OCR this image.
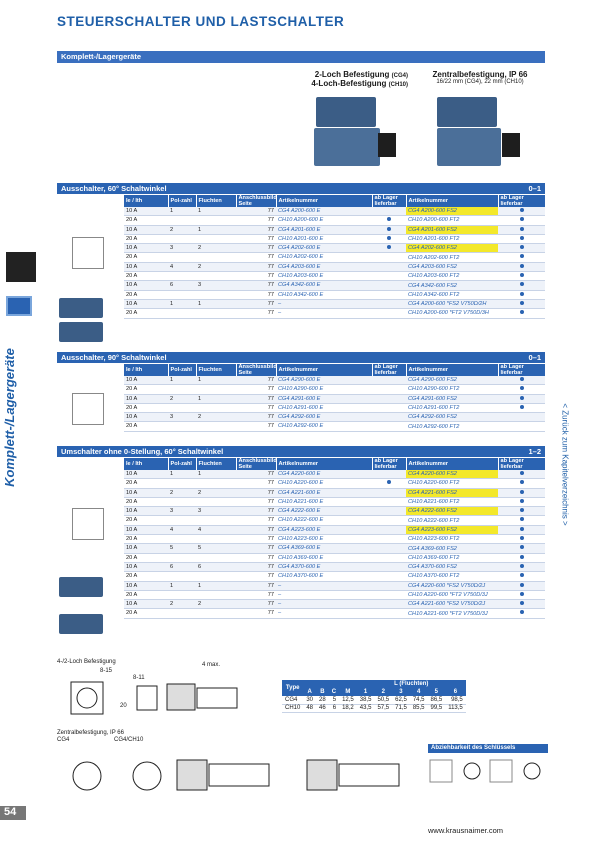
STEUERSCHALTER UND LASTSCHALTER
Komplett-/Lagergeräte
2-Loch Befestigung (CG4)
4-Loch-Befestigung (CH10)
Zentralbefestigung, IP 66
16/22 mm (CG4), 22 mm (CH10)
Komplett-/Lagergeräte	< Zurück zum Kapitelverzeichnis >
Ausschalter, 60° Schaltwinkel	0–1
Ie / Ith	Pol-zahl	Fluchten	Anschlussbild Seite	Artikelnummer	ab Lager lieferbar	Artikelnummer	ab Lager lieferbar
10 A	1	1	77	CG4 A200-600 E		CG4 A200-600 FS2	
20 A			77	CH10 A200-600 E		CH10 A200-600 FT2	
10 A	2	1	77	CG4 A201-600 E		CG4 A201-600 FS2	
20 A			77	CH10 A201-600 E		CH10 A201-600 FT2	
10 A	3	2	77	CG4 A202-600 E		CG4 A202-600 FS2	
20 A			77	CH10 A202-600 E		CH10 A202-600 FT2	
10 A	4	2	77	CG4 A203-600 E		CG4 A203-600 FS2	
20 A			77	CH10 A203-600 E		CH10 A203-600 FT2	
10 A	6	3	77	CG4 A342-600 E		CG4 A342-600 FS2	
20 A			77	CH10 A342-600 E		CH10 A342-600 FT2	
10 A	1	1	77	–		CG4 A200-600 *FS2 V750D/2H	
20 A			77	–		CH10 A200-600 *FT2 V750D/3H	
Ausschalter, 90° Schaltwinkel	0–1
Ie / Ith	Pol-zahl	Fluchten	Anschlussbild Seite	Artikelnummer	ab Lager lieferbar	Artikelnummer	ab Lager lieferbar
10 A	1	1	77	CG4 A290-600 E		CG4 A290-600 FS2	
20 A			77	CH10 A290-600 E		CH10 A290-600 FT2	
10 A	2	1	77	CG4 A291-600 E		CG4 A291-600 FS2	
20 A			77	CH10 A291-600 E		CH10 A291-600 FT2	
10 A	3	2	77	CG4 A292-600 E		CG4 A292-600 FS2	
20 A			77	CH10 A292-600 E		CH10 A292-600 FT2	
Umschalter ohne 0-Stellung, 60° Schaltwinkel	1–2
Ie / Ith	Pol-zahl	Fluchten	Anschlussbild Seite	Artikelnummer	ab Lager lieferbar	Artikelnummer	ab Lager lieferbar
10 A	1	1	77	CG4 A220-600 E		CG4 A220-600 FS2	
20 A			77	CH10 A220-600 E		CH10 A220-600 FT2	
10 A	2	2	77	CG4 A221-600 E		CG4 A221-600 FS2	
20 A			77	CH10 A221-600 E		CH10 A221-600 FT2	
10 A	3	3	77	CG4 A222-600 E		CG4 A222-600 FS2	
20 A			77	CH10 A222-600 E		CH10 A222-600 FT2	
10 A	4	4	77	CG4 A223-600 E		CG4 A223-600 FS2	
20 A			77	CH10 A223-600 E		CH10 A223-600 FT2	
10 A	5	5	77	CG4 A369-600 E		CG4 A369-600 FS2	
20 A			77	CH10 A369-600 E		CH10 A369-600 FT2	
10 A	6	6	77	CG4 A370-600 E		CG4 A370-600 FS2	
20 A			77	CH10 A370-600 E		CH10 A370-600 FT2	
10 A	1	1	77	–		CG4 A220-600 *FS2 V750D/2J	
20 A			77	–		CH10 A220-600 *FT2 V750D/3J	
10 A	2	2	77	–		CG4 A221-600 *FS2 V750D/2J	
20 A			77	–		CH10 A221-600 *FT2 V750D/3J	
4-/2-Loch Befestigung
8-15
8-11
20
4 max.
Type					L (Fluchten)					
	A	B	C	M	1	2	3	4	5	6
CG4	30	28	5	12,5	38,5	50,5	62,5	74,5	86,5	98,5
CH10	48	46	6	18,2	43,5	57,5	71,5	85,5	99,5	113,5
Zentralbefestigung, IP 66
CG4	CG4/CH10
Abziehbarkeit des Schlüssels
54
www.krausnaimer.com
